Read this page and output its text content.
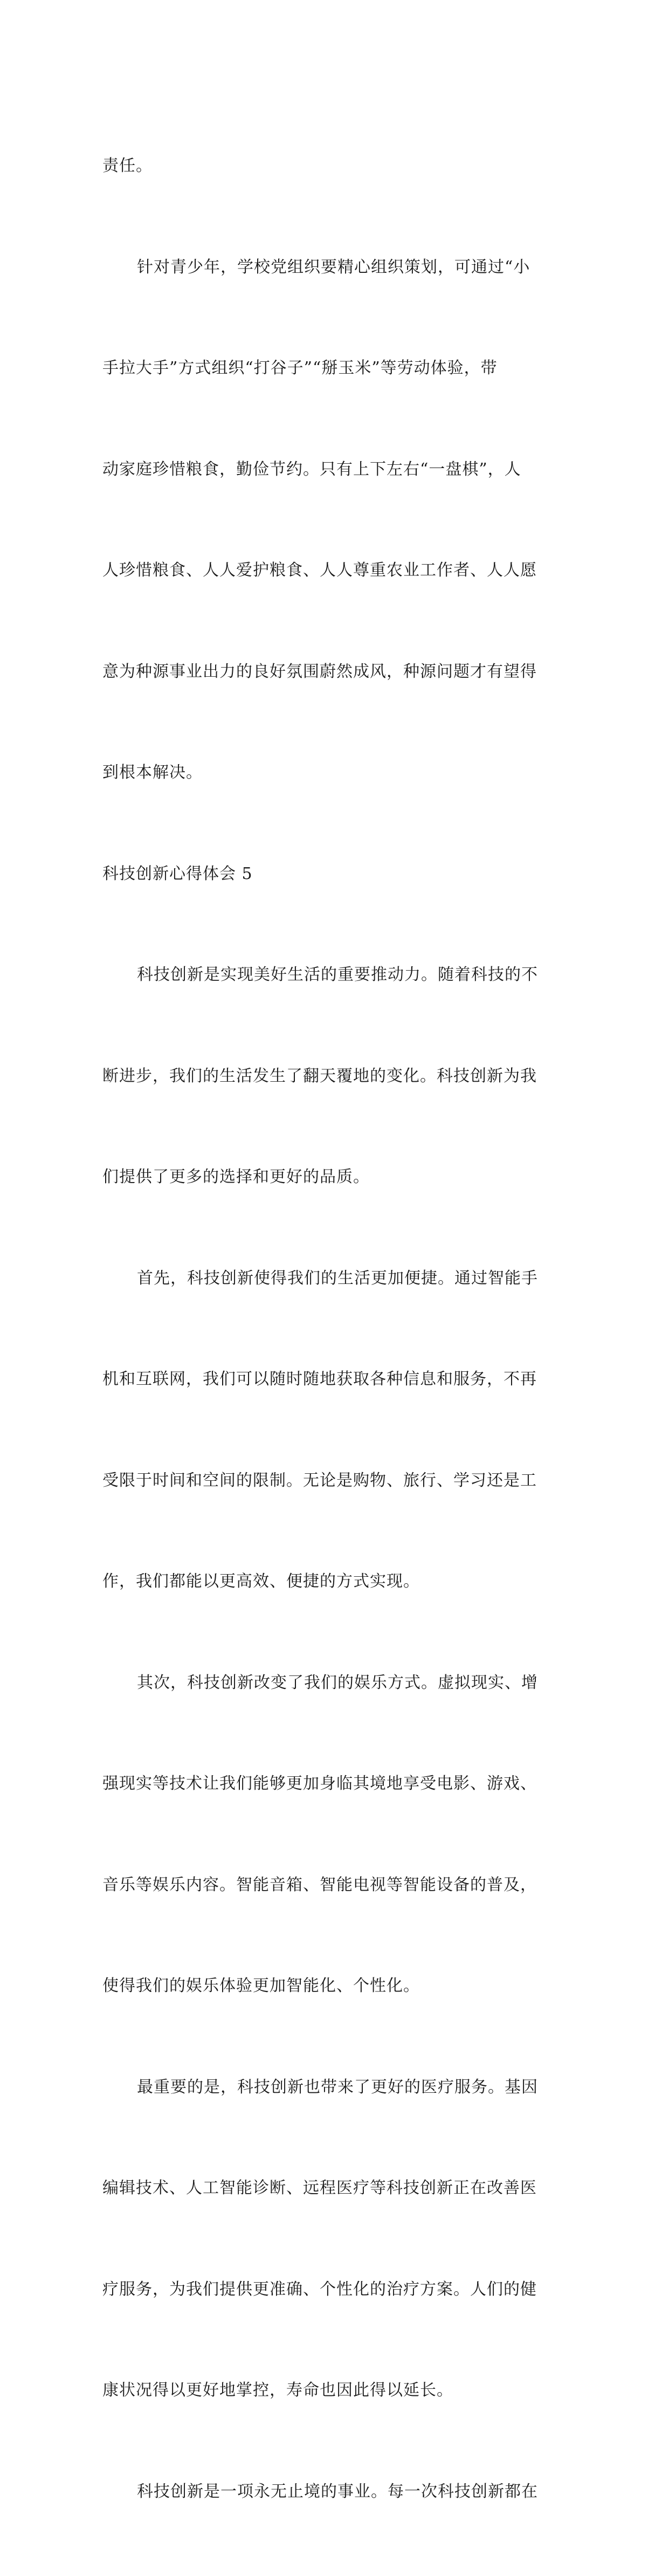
责任。

针对青少年，学校党组织要精心组织策划，可通过“小

手拉大手”方式组织“打谷子”“掰玉米”等劳动体验，带

动家庭珍惜粮食，勤俭节约。只有上下左右“一盘棋”，人

人珍惜粮食、人人爱护粮食、人人尊重农业工作者、人人愿

意为种源事业出力的良好氛围蔚然成风，种源问题才有望得

到根本解决。

科技创新心得体会 5

科技创新是实现美好生活的重要推动力。随着科技的不

断进步，我们的生活发生了翻天覆地的变化。科技创新为我

们提供了更多的选择和更好的品质。

首先，科技创新使得我们的生活更加便捷。通过智能手

机和互联网，我们可以随时随地获取各种信息和服务，不再

受限于时间和空间的限制。无论是购物、旅行、学习还是工

作，我们都能以更高效、便捷的方式实现。

其次，科技创新改变了我们的娱乐方式。虚拟现实、增

强现实等技术让我们能够更加身临其境地享受电影、游戏、

音乐等娱乐内容。智能音箱、智能电视等智能设备的普及，

使得我们的娱乐体验更加智能化、个性化。

最重要的是，科技创新也带来了更好的医疗服务。基因

编辑技术、人工智能诊断、远程医疗等科技创新正在改善医

疗服务，为我们提供更准确、个性化的治疗方案。人们的健

康状况得以更好地掌控，寿命也因此得以延长。

科技创新是一项永无止境的事业。每一次科技创新都在
